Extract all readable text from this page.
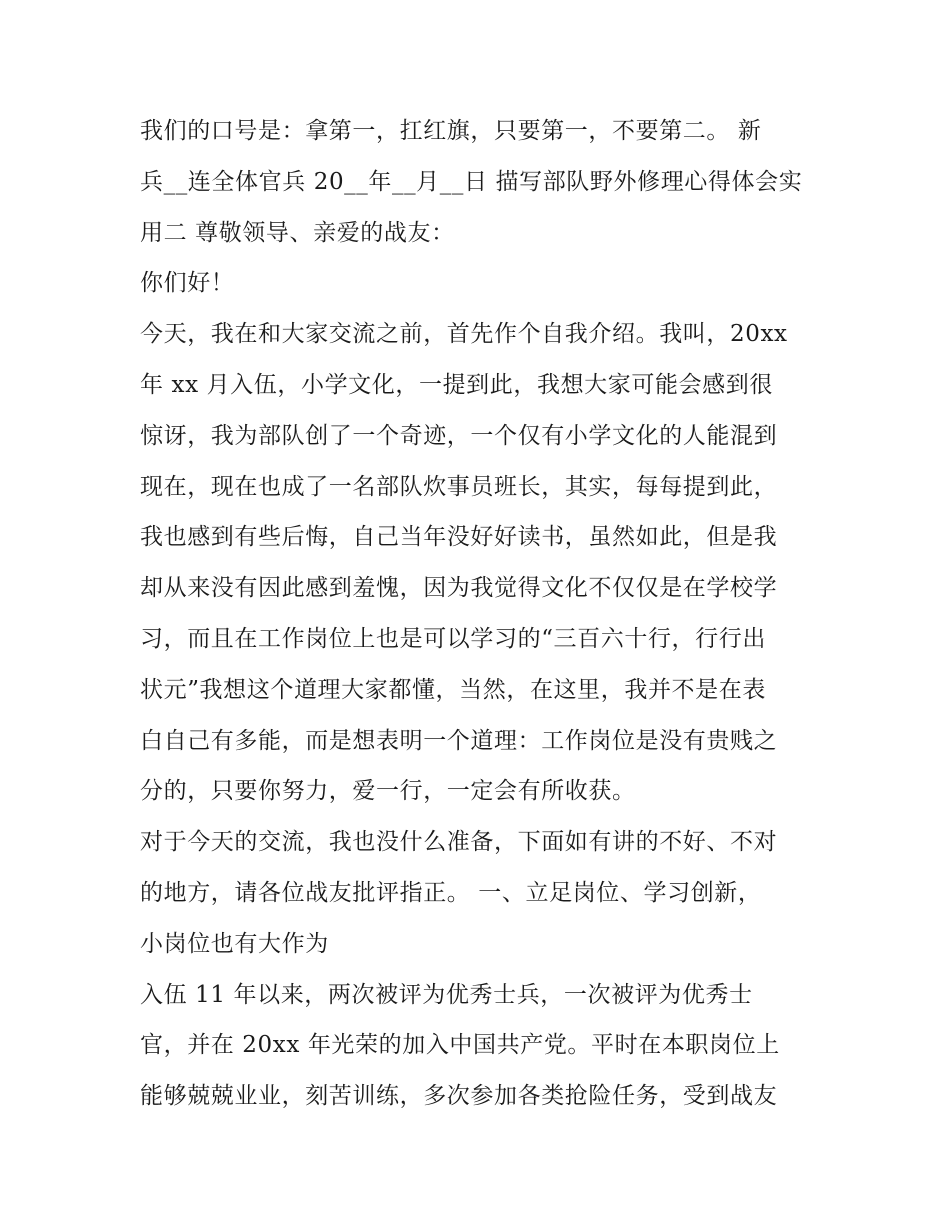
我们的口号是：拿第一，扛红旗，只要第一，不要第二。 新
兵__连全体官兵 20__年__月__日 描写部队野外修理心得体会实
用二 尊敬领导、亲爱的战友：
你们好！
今天，我在和大家交流之前，首先作个自我介绍。我叫，20xx
年 xx 月入伍，小学文化，一提到此，我想大家可能会感到很
惊讶，我为部队创了一个奇迹，一个仅有小学文化的人能混到
现在，现在也成了一名部队炊事员班长，其实，每每提到此，
我也感到有些后悔，自己当年没好好读书，虽然如此，但是我
却从来没有因此感到羞愧，因为我觉得文化不仅仅是在学校学
习，而且在工作岗位上也是可以学习的“三百六十行，行行出
状元”我想这个道理大家都懂，当然，在这里，我并不是在表
白自己有多能，而是想表明一个道理：工作岗位是没有贵贱之
分的，只要你努力，爱一行，一定会有所收获。
对于今天的交流，我也没什么准备，下面如有讲的不好、不对
的地方，请各位战友批评指正。 一、立足岗位、学习创新，
小岗位也有大作为
入伍 11 年以来，两次被评为优秀士兵，一次被评为优秀士
官，并在 20xx 年光荣的加入中国共产党。平时在本职岗位上
能够兢兢业业，刻苦训练，多次参加各类抢险任务，受到战友
